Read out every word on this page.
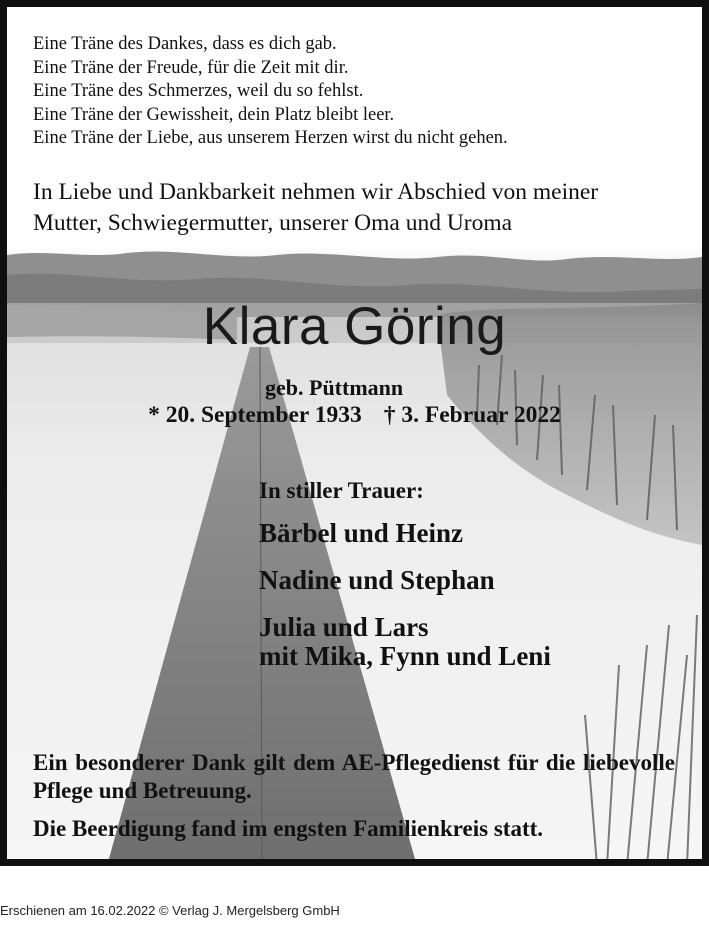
Eine Träne des Dankes, dass es dich gab.
Eine Träne der Freude, für die Zeit mit dir.
Eine Träne des Schmerzes, weil du so fehlst.
Eine Träne der Gewissheit, dein Platz bleibt leer.
Eine Träne der Liebe, aus unserem Herzen wirst du nicht gehen.
In Liebe und Dankbarkeit nehmen wir Abschied von meiner
Mutter, Schwiegermutter, unserer Oma und Uroma
Klara Göring
geb. Püttmann
* 20. September 1933 † 3. Februar 2022
In stiller Trauer:
Bärbel und Heinz
Nadine und Stephan
Julia und Lars
mit Mika, Fynn und Leni
Ein besonderer Dank gilt dem AE-Pflegedienst für die liebevolle Pflege und Betreuung.
Die Beerdigung fand im engsten Familienkreis statt.
Erschienen am 16.02.2022 © Verlag J. Mergelsberg GmbH
